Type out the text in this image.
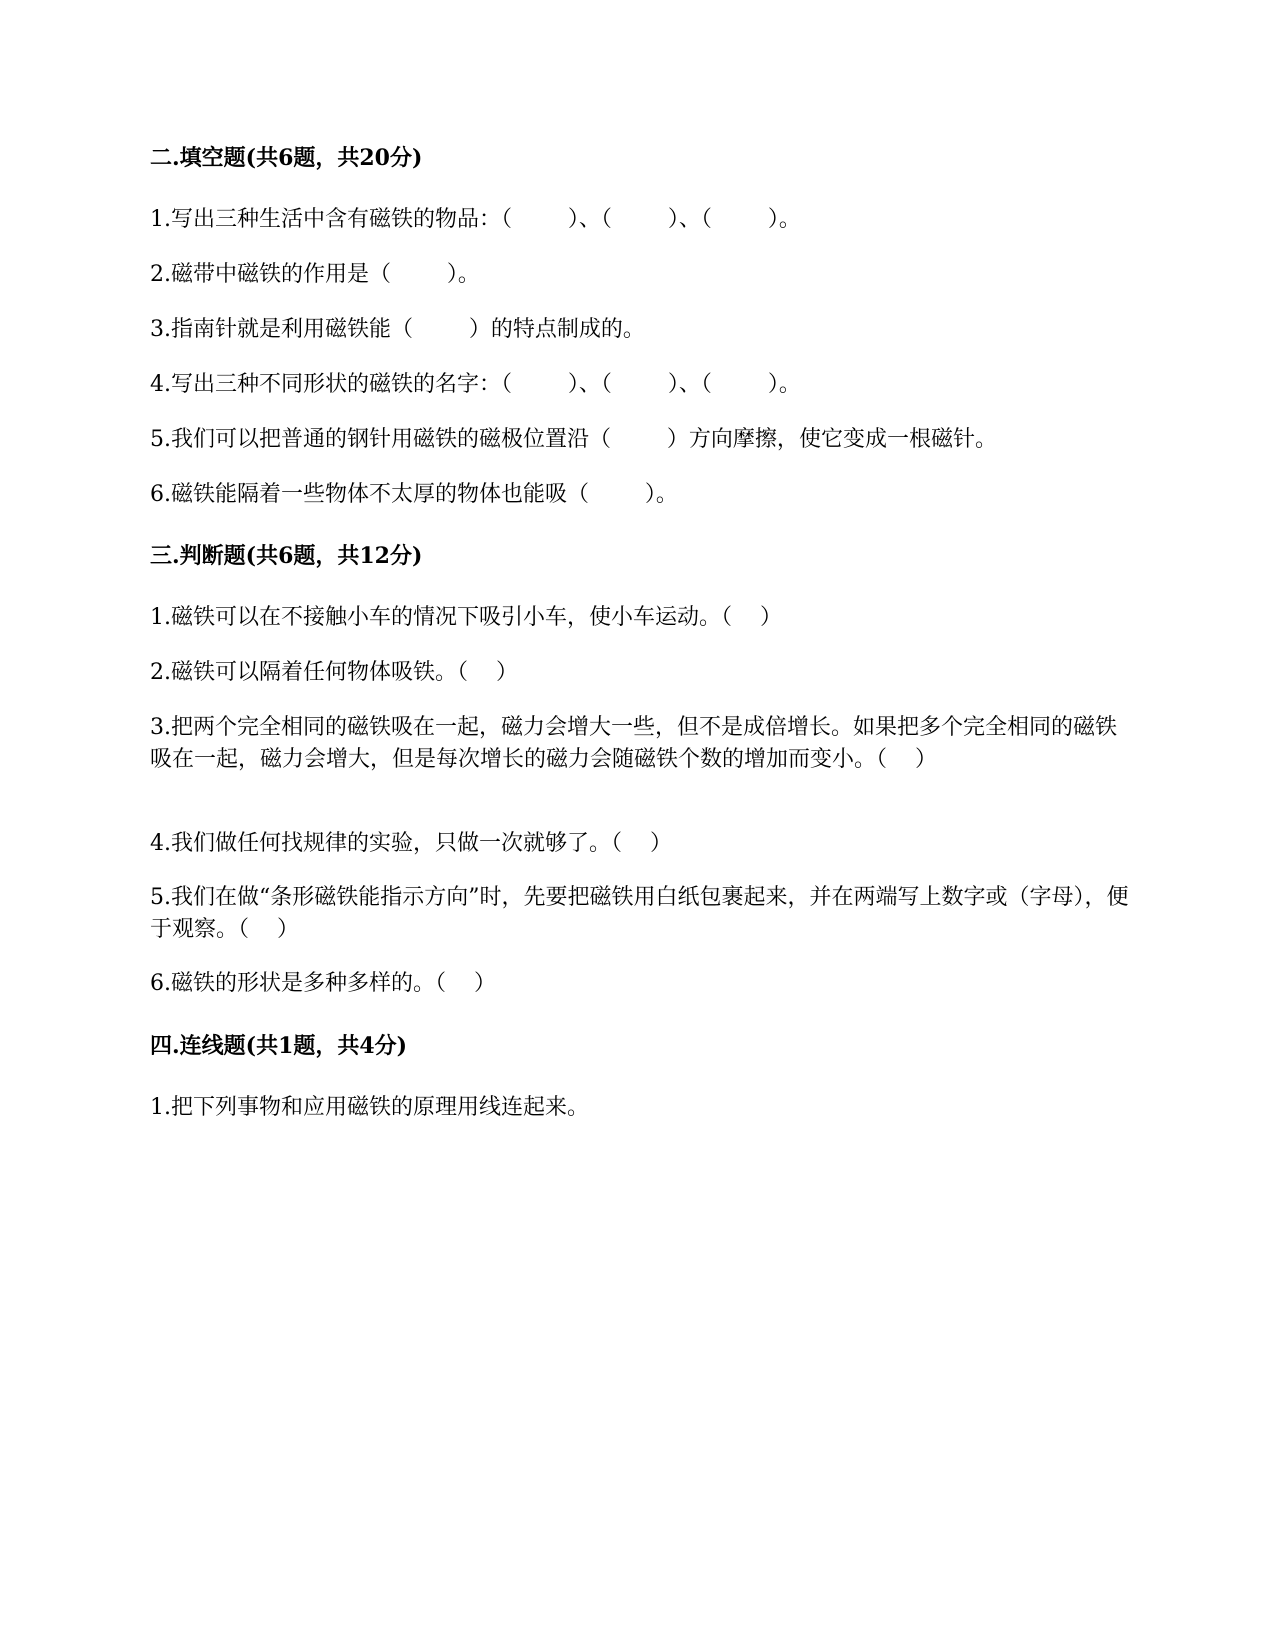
二.填空题(共6题，共20分)
1.写出三种生活中含有磁铁的物品：（        ）、（        ）、（        ）。
2.磁带中磁铁的作用是（        ）。
3.指南针就是利用磁铁能（        ）的特点制成的。
4.写出三种不同形状的磁铁的名字：（        ）、（        ）、（        ）。
5.我们可以把普通的钢针用磁铁的磁极位置沿（        ）方向摩擦，使它变成一根磁针。
6.磁铁能隔着一些物体不太厚的物体也能吸（        ）。
三.判断题(共6题，共12分)
1.磁铁可以在不接触小车的情况下吸引小车，使小车运动。（    ）
2.磁铁可以隔着任何物体吸铁。（    ）
3.把两个完全相同的磁铁吸在一起，磁力会增大一些，但不是成倍增长。如果把多个完全相同的磁铁吸在一起，磁力会增大，但是每次增长的磁力会随磁铁个数的增加而变小。（    ）
4.我们做任何找规律的实验，只做一次就够了。（    ）
5.我们在做“条形磁铁能指示方向”时，先要把磁铁用白纸包裹起来，并在两端写上数字或（字母），便于观察。（    ）
6.磁铁的形状是多种多样的。（    ）
四.连线题(共1题，共4分)
1.把下列事物和应用磁铁的原理用线连起来。
